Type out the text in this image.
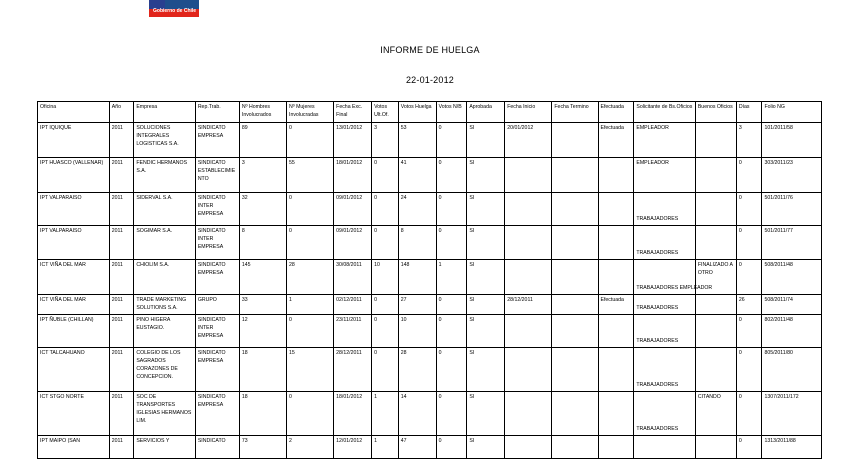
Gobierno de Chile
INFORME DE HUELGA
22-01-2012
Oficina	Año	Empresa	Rep.Trab.	Nº Hombres Involucrados	Nº Mujeres Involucradas	Fecha Exc. Final	Votos Ult.Of.	Votos Huelga	Votos N/B	Aprobada	Fecha Inicio	Fecha Termino	Efectuada	Solicitante de Bs.Oficios	Buenos Oficios	Días	Folio NG
IPT IQUIQUE	2011	SOLUCIONES INTEGRALES LOGISTICAS S.A.	SINDICATO EMPRESA	89	0	13/01/2012	3	53	0	SI	20/01/2012		Efectuada	EMPLEADOR		3	101/2011/58
IPT HUASCO (VALLENAR)	2011	FENDIC HERMANOS S.A.	SINDICATO ESTABLECIMIENTO	3	55	18/01/2012	0	41	0	SI				EMPLEADOR		0	303/2011/23
IPT VALPARAISO	2011	SIDERVAL S.A.	SINDICATO INTER EMPRESA	32	0	09/01/2012	0	24	0	SI				TRABAJADORES		0	501/2011/76
IPT VALPARAISO	2011	SOGIMAR S.A.	SINDICATO INTER EMPRESA	8	0	09/01/2012	0	8	0	SI				TRABAJADORES		0	501/2011/77
ICT VIÑA DEL MAR	2011	CHIOLIM S.A.	SINDICATO EMPRESA	145	28	30/08/2011	10	148	1	SI				TRABAJADORES EMPLEADOR	FINALIZADO A OTRO	0	508/2011/48
ICT VIÑA DEL MAR	2011	TRADE MARKETING SOLUTIONS S.A.	GRUPO	33	1	02/12/2011	0	27	0	SI	28/12/2011		Efectuada	TRABAJADORES		26	508/2011/74
IPT ÑUBLE (CHILLAN)	2011	PINO HIGERA EUSTAGIO.	SINDICATO INTER EMPRESA	12	0	23/11/2011	0	10	0	SI				TRABAJADORES		0	802/2011/48
ICT TALCAHUANO	2011	COLEGIO DE LOS SAGRADOS CORAZONES DE CONCEPCION.	SINDICATO EMPRESA	18	15	28/12/2011	0	28	0	SI				TRABAJADORES		0	805/2011/80
ICT STGO NORTE	2011	SOC DE TRANSPORTES IGLESIAS HERMANOS LIM.	SINDICATO EMPRESA	18	0	18/01/2012	1	14	0	SI				TRABAJADORES	CITANDO	0	1307/2011/172
IPT MAIPO (SAN	2011	SERVICIOS Y	SINDICATO	73	2	12/01/2012	1	47	0	SI						0	1313/2011/88
